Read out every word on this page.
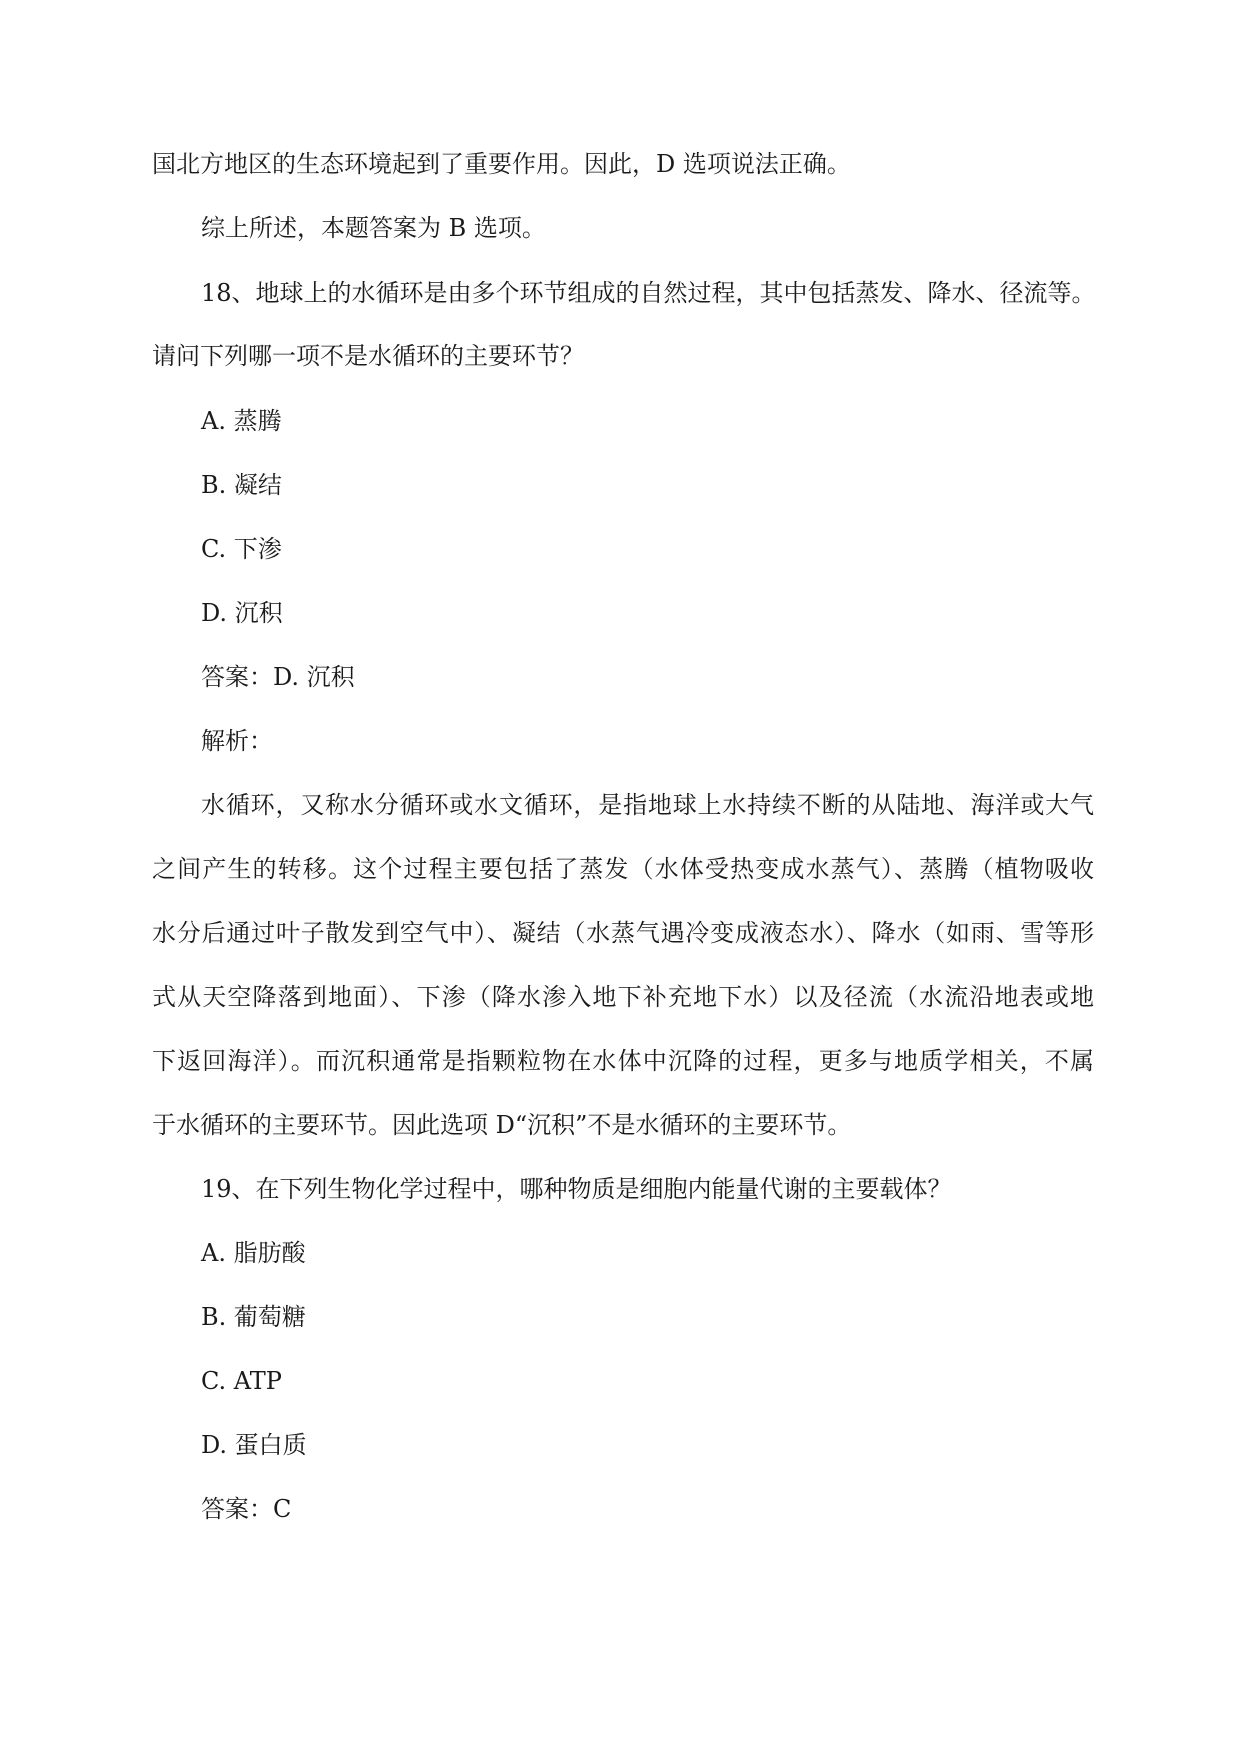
国北方地区的生态环境起到了重要作用。因此，D 选项说法正确。
综上所述，本题答案为 B 选项。
18、地球上的水循环是由多个环节组成的自然过程，其中包括蒸发、降水、径流等。
请问下列哪一项不是水循环的主要环节？
A. 蒸腾
B. 凝结
C. 下渗
D. 沉积
答案：D. 沉积
解析：
水循环，又称水分循环或水文循环，是指地球上水持续不断的从陆地、海洋或大气
之间产生的转移。这个过程主要包括了蒸发（水体受热变成水蒸气）、蒸腾（植物吸收
水分后通过叶子散发到空气中）、凝结（水蒸气遇冷变成液态水）、降水（如雨、雪等形
式从天空降落到地面）、下渗（降水渗入地下补充地下水）以及径流（水流沿地表或地
下返回海洋）。而沉积通常是指颗粒物在水体中沉降的过程，更多与地质学相关，不属
于水循环的主要环节。因此选项 D“沉积”不是水循环的主要环节。
19、在下列生物化学过程中，哪种物质是细胞内能量代谢的主要载体？
A. 脂肪酸
B. 葡萄糖
C. ATP
D. 蛋白质
答案：C
